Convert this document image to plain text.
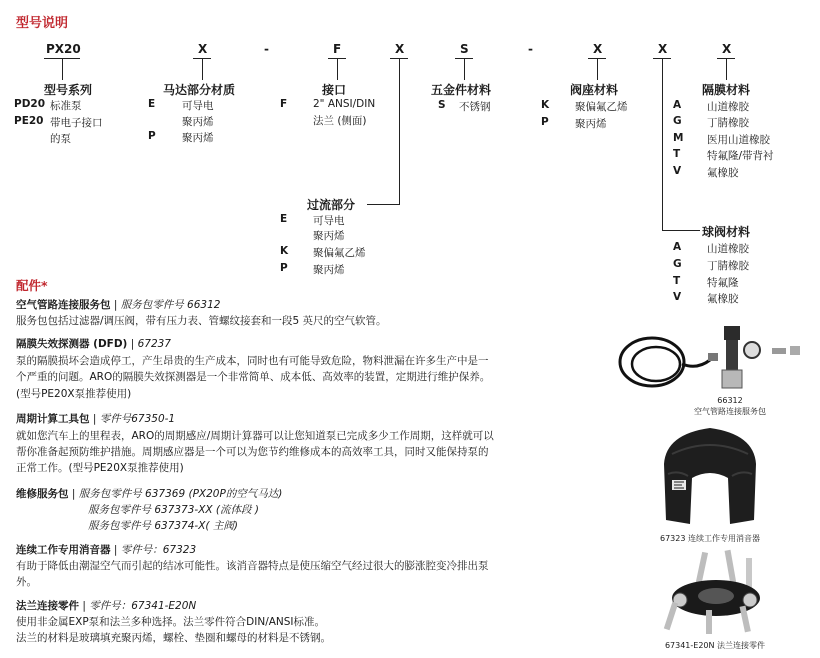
型号说明
PX20	X	-	F	X	S	-	X	X	X
型号系列
PD20 标准泵
PE20 带电子接口
的泵
马达部分材质
E	可导电
聚丙烯
P	聚丙烯
接口
F 2" ANSI/DIN
法兰 (侧面)
五金件材料
S 不锈钢
阀座材料
K 聚偏氟乙烯
P	聚丙烯
隔膜材料
A 山道橡胶
G 丁腈橡胶
M 医用山道橡胶
T	特氟隆/带背衬
V 氟橡胶
过流部分
E 可导电
聚丙烯
K 聚偏氟乙烯
P 聚丙烯
球阀材料
A 山道橡胶
G 丁腈橡胶
T	特氟隆
V 氟橡胶
配件*
空气管路连接服务包 | 服务包零件号 66312
服务包包括过滤器/调压阀，带有压力表、管螺纹接套和一段5 英尺的空气软管。
隔膜失效探测器 (DFD) | 67237
泵的隔膜损坏会造成停工，产生昂贵的生产成本，同时也有可能导致危险，物料泄漏在许多生产中是一
个严重的问题。ARO的隔膜失效探测器是一个非常简单、成本低、高效率的装置，定期进行维护保养。
(型号PE20X泵推荐使用)
周期计算工具包 | 零件号67350-1
就如您汽车上的里程表，ARO的周期感应/周期计算器可以让您知道泵已完成多少工作周期，这样就可以
帮你准备起预防维护措施。周期感应器是一个可以为您节约维修成本的高效率工具，同时又能保持泵的
正常工作。(型号PE20X泵推荐使用)
维修服务包 | 服务包零件号 637369 (PX20P的空气马达)
服务包零件号 637373-XX (流体段 )
服务包零件号 637374-X( 主阀)
连续工作专用消音器 | 零件号：67323
有助于降低由潮湿空气而引起的结冰可能性。该消音器特点是使压缩空气经过很大的膨涨腔变冷排出泵
外。
法兰连接零件 | 零件号：67341-E20N
使用非金属EXP泵和法兰多种选择。法兰零件符合DIN/ANSI标准。
法兰的材料是玻璃填充聚丙烯，螺栓、垫圈和螺母的材料是不锈钢。
66312
空气管路连接服务包
67323 连续工作专用消音器
67341-E20N 法兰连接零件
